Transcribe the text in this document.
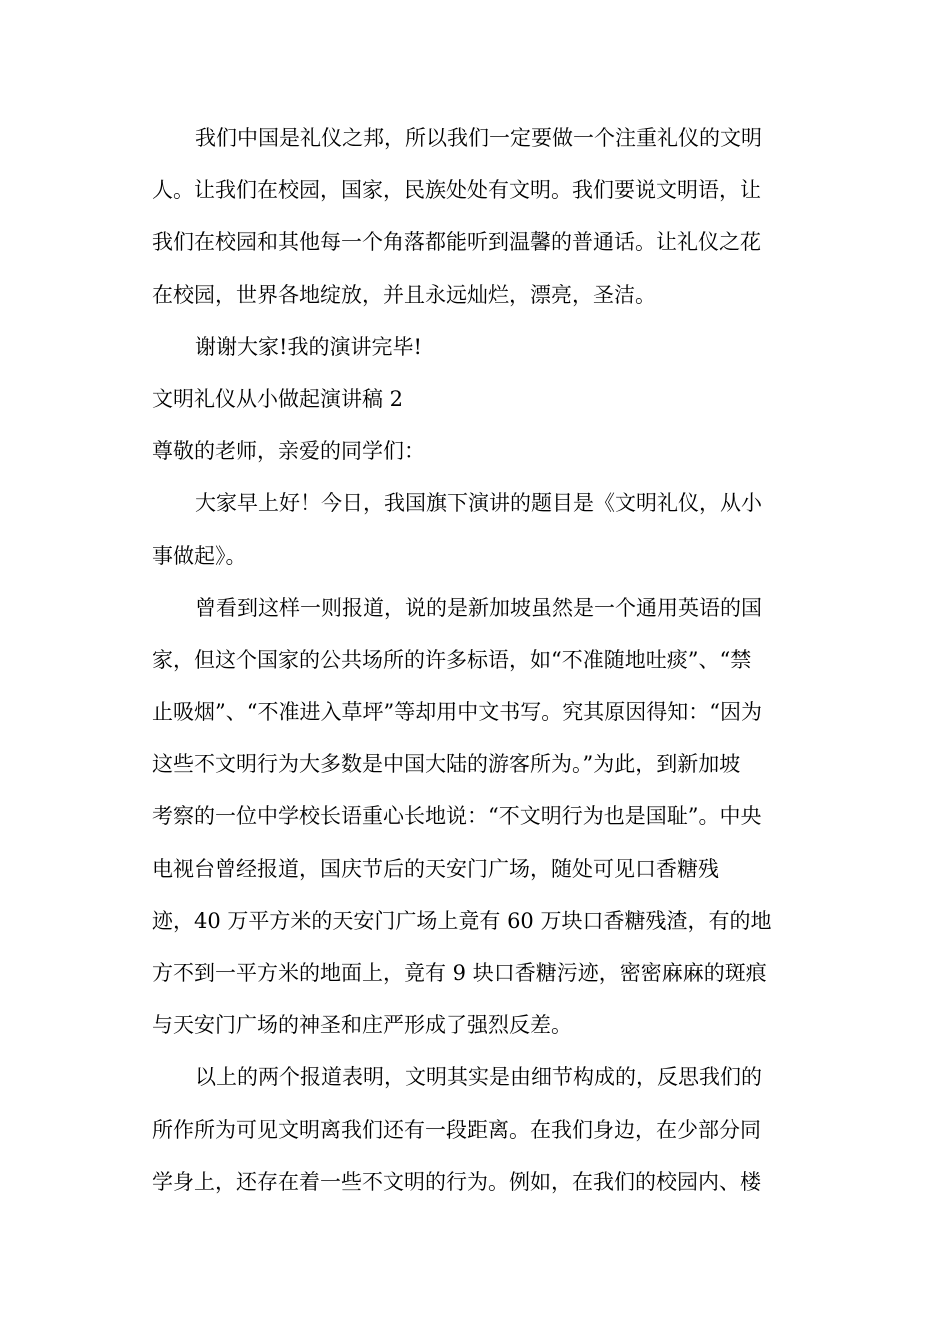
我们中国是礼仪之邦，所以我们一定要做一个注重礼仪的文明
人。让我们在校园，国家，民族处处有文明。我们要说文明语，让
我们在校园和其他每一个角落都能听到温馨的普通话。让礼仪之花
在校园，世界各地绽放，并且永远灿烂，漂亮，圣洁。
谢谢大家!我的演讲完毕!
文明礼仪从小做起演讲稿 2
尊敬的老师，亲爱的同学们：
大家早上好！今日，我国旗下演讲的题目是《文明礼仪，从小
事做起》。
曾看到这样一则报道，说的是新加坡虽然是一个通用英语的国
家，但这个国家的公共场所的许多标语，如“不准随地吐痰”、“禁
止吸烟”、“不准进入草坪”等却用中文书写。究其原因得知：“因为
这些不文明行为大多数是中国大陆的游客所为。”为此，到新加坡
考察的一位中学校长语重心长地说：“不文明行为也是国耻”。中央
电视台曾经报道，国庆节后的天安门广场，随处可见口香糖残
迹，40 万平方米的天安门广场上竟有 60 万块口香糖残渣，有的地
方不到一平方米的地面上，竟有 9 块口香糖污迹，密密麻麻的斑痕
与天安门广场的神圣和庄严形成了强烈反差。
以上的两个报道表明，文明其实是由细节构成的，反思我们的
所作所为可见文明离我们还有一段距离。在我们身边，在少部分同
学身上，还存在着一些不文明的行为。例如，在我们的校园内、楼
